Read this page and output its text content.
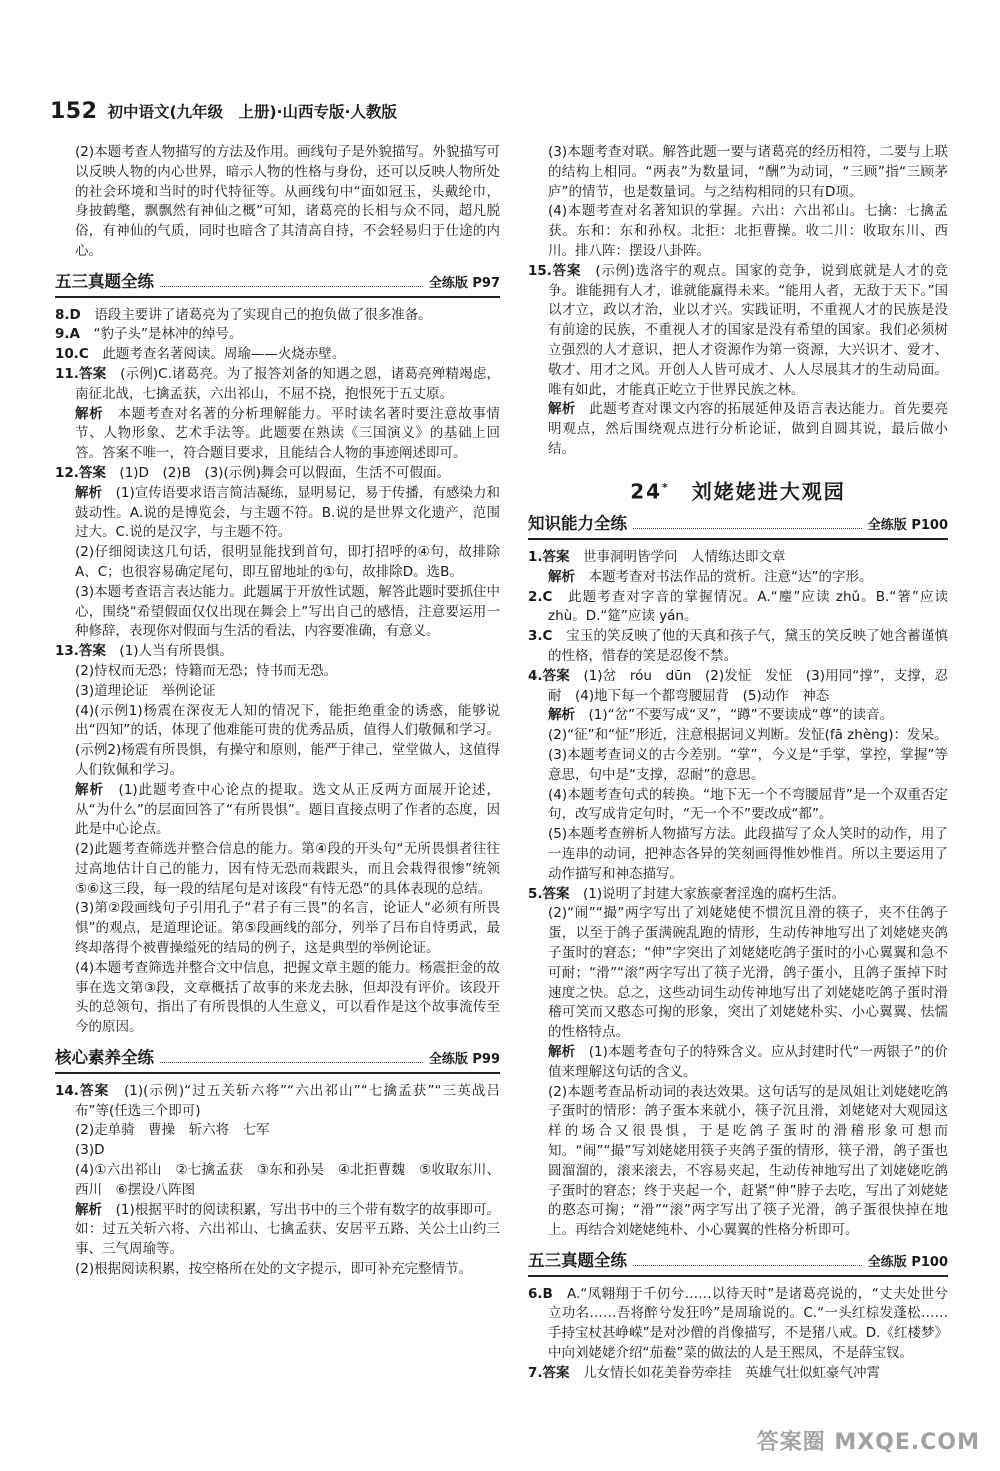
152 初中语文(九年级　上册)·山西专版·人教版

(2)本题考查人物描写的方法及作用。画线句子是外貌描写。外貌描写可以反映人物的内心世界，暗示人物的性格与身份，还可以反映人物所处的社会环境和当时的时代特征等。从画线句中“面如冠玉，头戴纶巾，身披鹤氅，飘飘然有神仙之概”可知，诸葛亮的长相与众不同，超凡脱俗，有神仙的气质，同时也暗含了其清高自持，不会轻易归于仕途的内心。

五三真题全练	全练版 P97

8.D　 语段主要讲了诸葛亮为了实现自己的抱负做了很多准备。

9.A　 “豹子头”是林冲的绰号。

10.C　 此题考查名著阅读。周瑜——火烧赤壁。

11.答案　 (示例)C.诸葛亮。为了报答刘备的知遇之恩，诸葛亮殚精竭虑，南征北战，七擒孟获，六出祁山，不屈不挠，抱恨死于五丈原。

解析　 本题考查对名著的分析理解能力。平时读名著时要注意故事情节、人物形象、艺术手法等。此题要在熟读《三国演义》的基础上回答。答案不唯一，符合题目要求，且能结合人物的事迹阐述即可。

12.答案　 (1)D　(2)B　(3)(示例)舞会可以假面，生活不可假面。

解析　 (1)宣传语要求语言简洁凝练，显明易记，易于传播，有感染力和鼓动性。A.说的是博览会，与主题不符。B.说的是世界文化遗产，范围过大。C.说的是汉字，与主题不符。

(2)仔细阅读这几句话，很明显能找到首句，即打招呼的④句，故排除A、C；也很容易确定尾句，即互留地址的①句，故排除D。选B。

(3)本题考查语言表达能力。此题属于开放性试题，解答此题时要抓住中心，围绕“希望假面仅仅出现在舞会上”写出自己的感悟，注意要运用一种修辞，表现你对假面与生活的看法，内容要准确，有意义。

13.答案　 (1)人当有所畏惧。

(2)恃权而无恐；恃籍而无恐；恃书而无恐。

(3)道理论证　举例论证

(4)(示例1)杨震在深夜无人知的情况下，能拒绝重金的诱惑，能够说出“四知”的话，体现了他难能可贵的优秀品质，值得人们敬佩和学习。(示例2)杨震有所畏惧，有操守和原则，能严于律己，堂堂做人，这值得人们钦佩和学习。

解析　 (1)此题考查中心论点的提取。选文从正反两方面展开论述，从“为什么”的层面回答了“有所畏惧”。题目直接点明了作者的态度，因此是中心论点。

(2)此题考查筛选并整合信息的能力。第④段的开头句“无所畏惧者往往过高地估计自己的能力，因有恃无恐而栽跟头，而且会栽得很惨”统领⑤⑥这三段，每一段的结尾句是对该段“有恃无恐”的具体表现的总结。

(3)第②段画线句子引用孔子“君子有三畏”的名言，论证人“必须有所畏惧”的观点，是道理论证。第⑤段画线的部分，列举了吕布自恃勇武，最终却落得个被曹操缢死的结局的例子，这是典型的举例论证。

(4)本题考查筛选并整合文中信息，把握文章主题的能力。杨震拒金的故事在选文第③段，文章概括了故事的来龙去脉，但却没有评价。该段开头的总领句，指出了有所畏惧的人生意义，可以看作是这个故事流传至今的原因。

核心素养全练	全练版 P99

14.答案　 (1)(示例)“过五关斩六将”“六出祁山”“七擒孟获”“三英战吕布”等(任选三个即可)

(2)走单骑　曹操　斩六将　七军

(3)D

(4)①六出祁山　②七擒孟获　③东和孙吴　④北拒曹魏　⑤收取东川、西川　⑥摆设八阵图

解析　 (1)根据平时的阅读积累，写出书中的三个带有数字的故事即可。如：过五关斩六将、六出祁山、七擒孟获、安居平五路、关公土山约三事、三气周瑜等。

(2)根据阅读积累，按空格所在处的文字提示，即可补充完整情节。

(3)本题考查对联。解答此题一要与诸葛亮的经历相符，二要与上联的结构上相同。“两表”为数量词，“酬”为动词，“三顾”指“三顾茅庐”的情节，也是数量词。与之结构相同的只有D项。

(4)本题考查对名著知识的掌握。六出：六出祁山。七擒：七擒孟获。东和：东和孙权。北拒：北拒曹操。收二川：收取东川、西川。排八阵：摆设八卦阵。

15.答案　 (示例)选洛宇的观点。国家的竞争，说到底就是人才的竞争。谁能拥有人才，谁就能赢得未来。“能用人者，无敌于天下。”国以才立，政以才治，业以才兴。实践证明，不重视人才的民族是没有前途的民族，不重视人才的国家是没有希望的国家。我们必须树立强烈的人才意识，把人才资源作为第一资源，大兴识才、爱才、敬才、用才之风。开创人人皆可成才、人人尽展其才的生动局面。唯有如此，才能真正屹立于世界民族之林。

解析　 此题考查对课文内容的拓展延伸及语言表达能力。首先要亮明观点，然后围绕观点进行分析论证，做到自圆其说，最后做小结。

24*　 刘姥姥进大观园
知识能力全练	全练版 P100

1.答案　 世事洞明皆学问　人情练达即文章

解析　 本题考查对书法作品的赏析。注意“达”的字形。

2.C　 此题考查对字音的掌握情况。A.“麈”应读 zhǔ。B.“箸”应读 zhù。D.“筵”应读 yán。

3.C　 宝玉的笑反映了他的天真和孩子气，黛玉的笑反映了她含蓄谨慎的性格，惜春的笑是忍俊不禁。

4.答案　 (1)岔　róu　dūn　(2)发怔　发怔　(3)用同“撑”，支撑，忍耐　(4)地下每一个都弯腰屈背　(5)动作　神态

解析　 (1)“岔”不要写成“叉”，“蹲”不要读成“尊”的读音。

(2)“征”和“怔”形近，注意根据词义判断。发怔(fā zhèng)：发呆。

(3)本题考查词义的古今差别。“掌”，今义是“手掌，掌控，掌握”等意思，句中是“支撑，忍耐”的意思。

(4)本题考查句式的转换。“地下无一个不弯腰屈背”是一个双重否定句，改写成肯定句时，“无一个不”要改成“都”。

(5)本题考查辨析人物描写方法。此段描写了众人笑时的动作，用了一连串的动词，把神态各异的笑刻画得惟妙惟肖。所以主要运用了动作描写和神态描写。

5.答案　 (1)说明了封建大家族豪奢淫逸的腐朽生活。

(2)“闹”“撮”两字写出了刘姥姥使不惯沉且滑的筷子，夹不住鸽子蛋，以至于鸽子蛋满碗乱跑的情形，生动传神地写出了刘姥姥夹鸽子蛋时的窘态；“伸”字突出了刘姥姥吃鸽子蛋时的小心翼翼和急不可耐；“滑”“滚”两字写出了筷子光滑，鸽子蛋小，且鸽子蛋掉下时速度之快。总之，这些动词生动传神地写出了刘姥姥吃鸽子蛋时滑稽可笑而又憨态可掬的形象，突出了刘姥姥朴实、小心翼翼、怯懦的性格特点。

解析　 (1)本题考查句子的特殊含义。应从封建时代“一两银子”的价值来理解这句话的含义。

(2)本题考查品析动词的表达效果。这句话写的是凤姐让刘姥姥吃鸽子蛋时的情形：鸽子蛋本来就小，筷子沉且滑，刘姥姥对大观园这样的场合又很畏惧，于是吃鸽子蛋时的滑稽形象可想而知。“闹”“撮”写刘姥姥用筷子夹鸽子蛋的情形，筷子滑，鸽子蛋也圆溜溜的，滚来滚去，不容易夹起，生动传神地写出了刘姥姥吃鸽子蛋时的窘态；终于夹起一个，赶紧“伸”脖子去吃，写出了刘姥姥的憨态可掬；“滑”“滚”两字写出了筷子光滑，鸽子蛋很快掉在地上。再结合刘姥姥纯朴、小心翼翼的性格分析即可。

五三真题全练	全练版 P100

6.B　 A.“凤翱翔于千仞兮……以待天时”是诸葛亮说的，“丈夫处世兮立功名……吾将醉兮发狂吟”是周瑜说的。C.“一头红棕发蓬松……手持宝杖甚峥嵘”是对沙僧的肖像描写，不是猪八戒。D.《红楼梦》中向刘姥姥介绍“茄鲞”菜的做法的人是王熙凤，不是薛宝钗。

7.答案　 儿女情长如花美眷劳牵挂　英雄气壮似虹豪气冲霄

答案圈 MXQE.COM
